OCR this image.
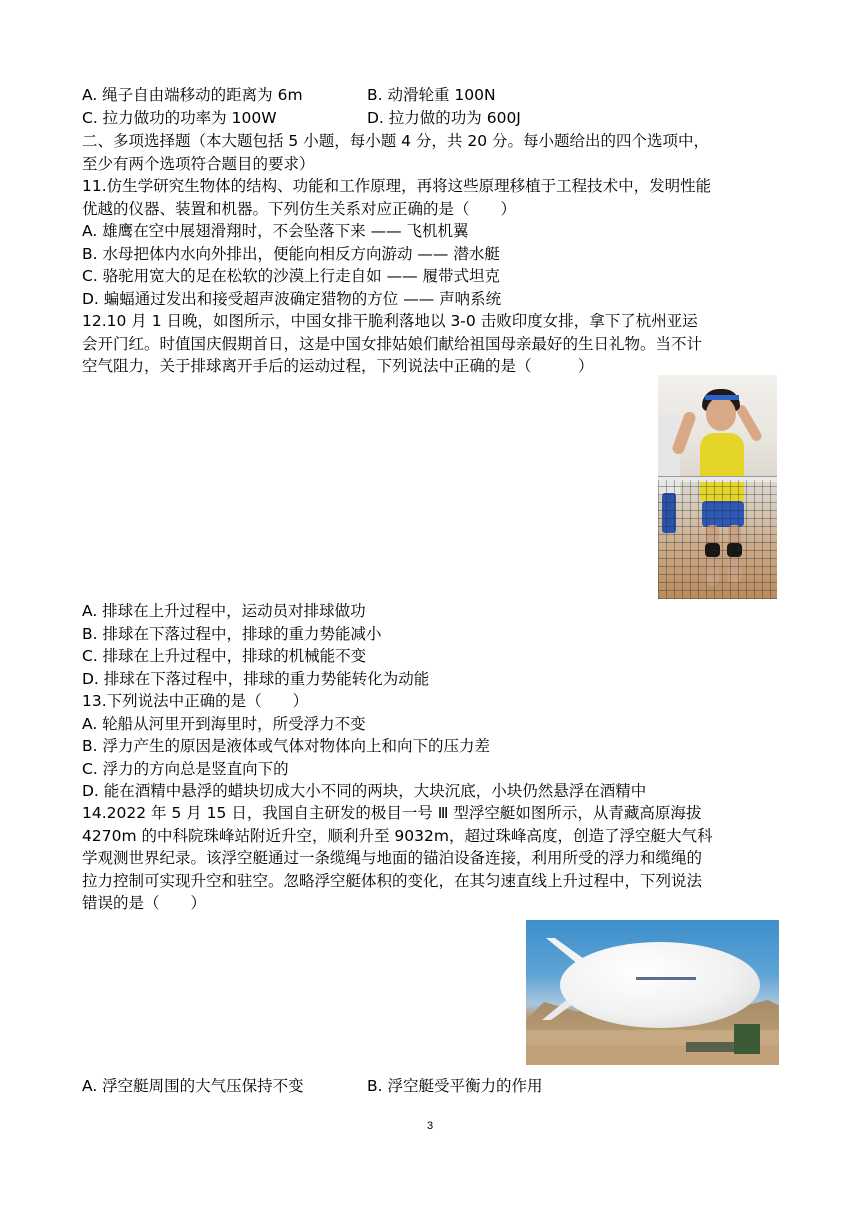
A. 绳子自由端移动的距离为 6m	B. 动滑轮重 100N
C. 拉力做功的功率为 100W	D. 拉力做的功为 600J
二、多项选择题（本大题包括 5 小题，每小题 4 分，共 20 分。每小题给出的四个选项中，
至少有两个选项符合题目的要求）
11.仿生学研究生物体的结构、功能和工作原理，再将这些原理移植于工程技术中，发明性能
优越的仪器、装置和机器。下列仿生关系对应正确的是（　　）
A. 雄鹰在空中展翅滑翔时，不会坠落下来 —— 飞机机翼
B. 水母把体内水向外排出，便能向相反方向游动 —— 潜水艇
C. 骆驼用宽大的足在松软的沙漠上行走自如 —— 履带式坦克
D. 蝙蝠通过发出和接受超声波确定猎物的方位 —— 声呐系统
12.10 月 1 日晚，如图所示，中国女排干脆利落地以 3-0 击败印度女排，拿下了杭州亚运
会开门红。时值国庆假期首日，这是中国女排姑娘们献给祖国母亲最好的生日礼物。当不计
空气阻力，关于排球离开手后的运动过程，下列说法中正确的是（　　　）
A. 排球在上升过程中，运动员对排球做功
B. 排球在下落过程中，排球的重力势能减小
C. 排球在上升过程中，排球的机械能不变
D. 排球在下落过程中，排球的重力势能转化为动能
13.下列说法中正确的是（　　）
A. 轮船从河里开到海里时，所受浮力不变
B. 浮力产生的原因是液体或气体对物体向上和向下的压力差
C. 浮力的方向总是竖直向下的
D. 能在酒精中悬浮的蜡块切成大小不同的两块，大块沉底，小块仍然悬浮在酒精中
14.2022 年 5 月 15 日，我国自主研发的极目一号 Ⅲ 型浮空艇如图所示，从青藏高原海拔
4270m 的中科院珠峰站附近升空，顺利升至 9032m，超过珠峰高度，创造了浮空艇大气科
学观测世界纪录。该浮空艇通过一条缆绳与地面的锚泊设备连接，利用所受的浮力和缆绳的
拉力控制可实现升空和驻空。忽略浮空艇体积的变化，在其匀速直线上升过程中，下列说法
错误的是（　　）
A. 浮空艇周围的大气压保持不变	B. 浮空艇受平衡力的作用
3
